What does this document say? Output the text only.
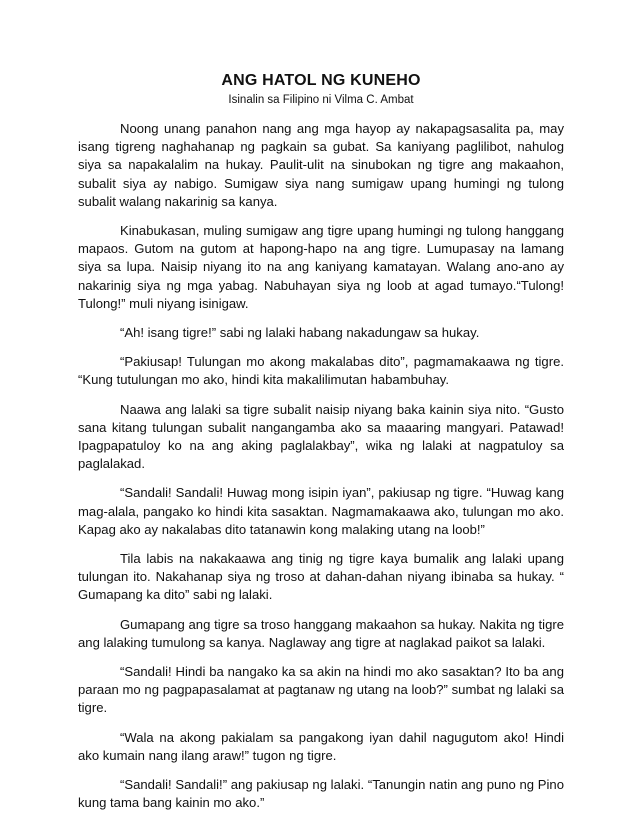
ANG HATOL NG KUNEHO
Isinalin sa Filipino ni Vilma C. Ambat

Noong unang panahon nang ang mga hayop ay nakapagsasalita pa, may isang tigreng naghahanap ng pagkain sa gubat. Sa kaniyang paglilibot, nahulog siya sa napakalalim na hukay. Paulit-ulit na sinubokan ng tigre ang makaahon, subalit siya ay nabigo. Sumigaw siya nang sumigaw upang humingi ng tulong subalit walang nakarinig sa kanya.

Kinabukasan, muling sumigaw ang tigre upang humingi ng tulong hanggang mapaos. Gutom na gutom at hapong-hapo na ang tigre. Lumupasay na lamang siya sa lupa. Naisip niyang ito na ang kaniyang kamatayan. Walang ano-ano ay nakarinig siya ng mga yabag. Nabuhayan siya ng loob at agad tumayo.“Tulong! Tulong!” muli niyang isinigaw.

“Ah! isang tigre!” sabi ng lalaki habang nakadungaw sa hukay.

“Pakiusap! Tulungan mo akong makalabas dito”, pagmamakaawa ng tigre. “Kung tutulungan mo ako, hindi kita makalilimutan habambuhay.

Naawa ang lalaki sa tigre subalit naisip niyang baka kainin siya nito. “Gusto sana kitang tulungan subalit nangangamba ako sa maaaring mangyari. Patawad! Ipagpapatuloy ko na ang aking paglalakbay”, wika ng lalaki at nagpatuloy sa paglalakad.

“Sandali! Sandali! Huwag mong isipin iyan”, pakiusap ng tigre. “Huwag kang mag-alala, pangako ko hindi kita sasaktan. Nagmamakaawa ako, tulungan mo ako. Kapag ako ay nakalabas dito tatanawin kong malaking utang na loob!”

Tila labis na nakakaawa ang tinig ng tigre kaya bumalik ang lalaki upang tulungan ito. Nakahanap siya ng troso at dahan-dahan niyang ibinaba sa hukay. “ Gumapang ka dito” sabi ng lalaki.

Gumapang ang tigre sa troso hanggang makaahon sa hukay. Nakita ng tigre ang lalaking tumulong sa kanya. Naglaway ang tigre at naglakad paikot sa lalaki.

“Sandali! Hindi ba nangako ka sa akin na hindi mo ako sasaktan? Ito ba ang paraan mo ng pagpapasalamat at pagtanaw ng utang na loob?” sumbat ng lalaki sa tigre.

“Wala na akong pakialam sa pangakong iyan dahil nagugutom ako! Hindi ako kumain nang ilang araw!” tugon ng tigre.

“Sandali! Sandali!” ang pakiusap ng lalaki. “Tanungin natin ang puno ng Pino kung tama bang kainin mo ako.”
